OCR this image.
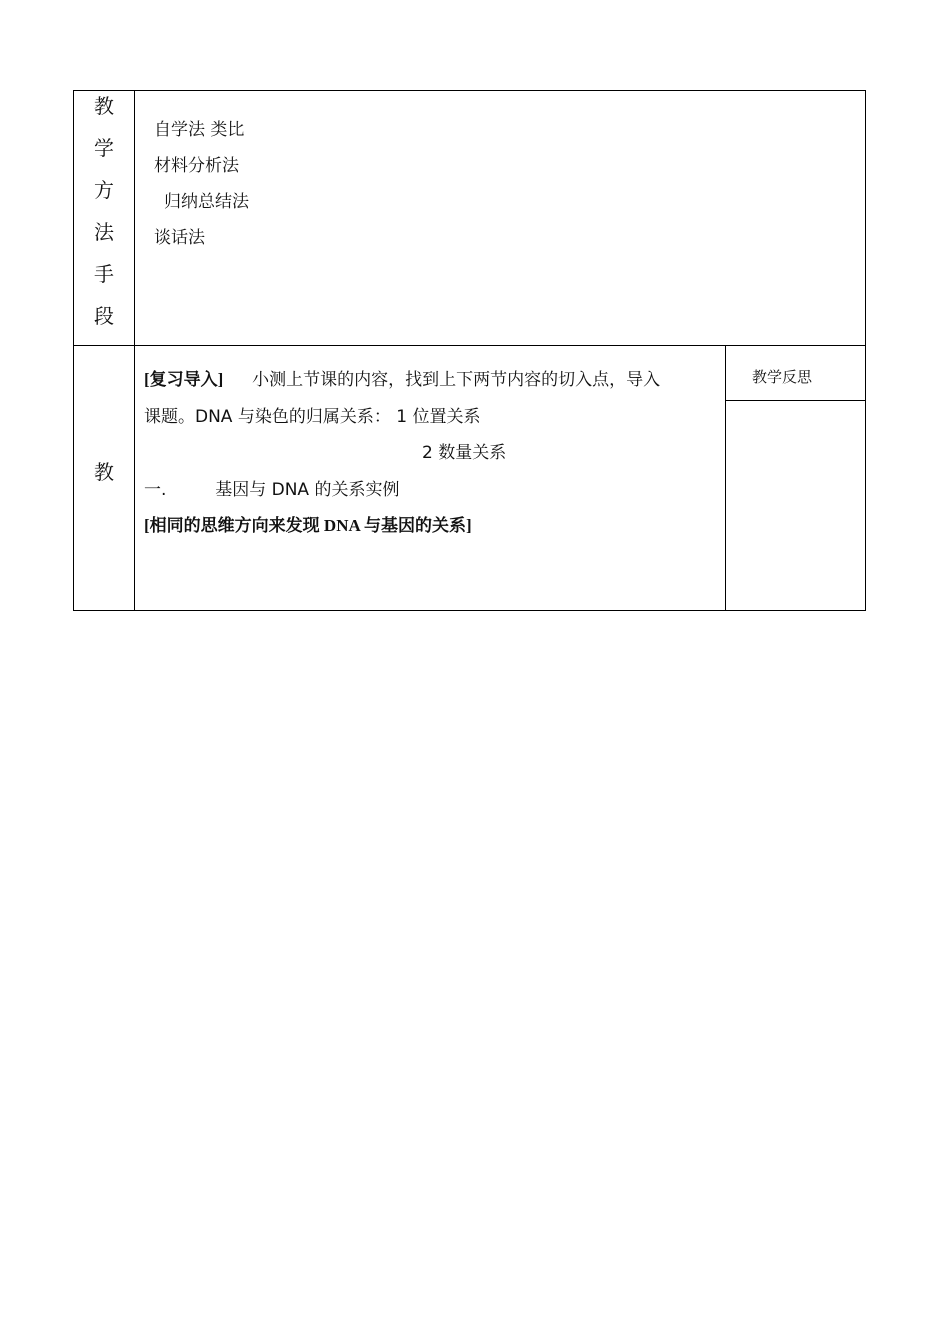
教
学
方
法
手
段
自学法 类比
材料分析法
归纳总结法
谈话法
教
[复习导入] 小测上节课的内容，找到上下两节内容的切入点，导入
课题。DNA 与染色的归属关系： 1 位置关系
2 数量关系
一.	基因与 DNA 的关系实例
[相同的思维方向来发现 DNA 与基因的关系]
教学反思
